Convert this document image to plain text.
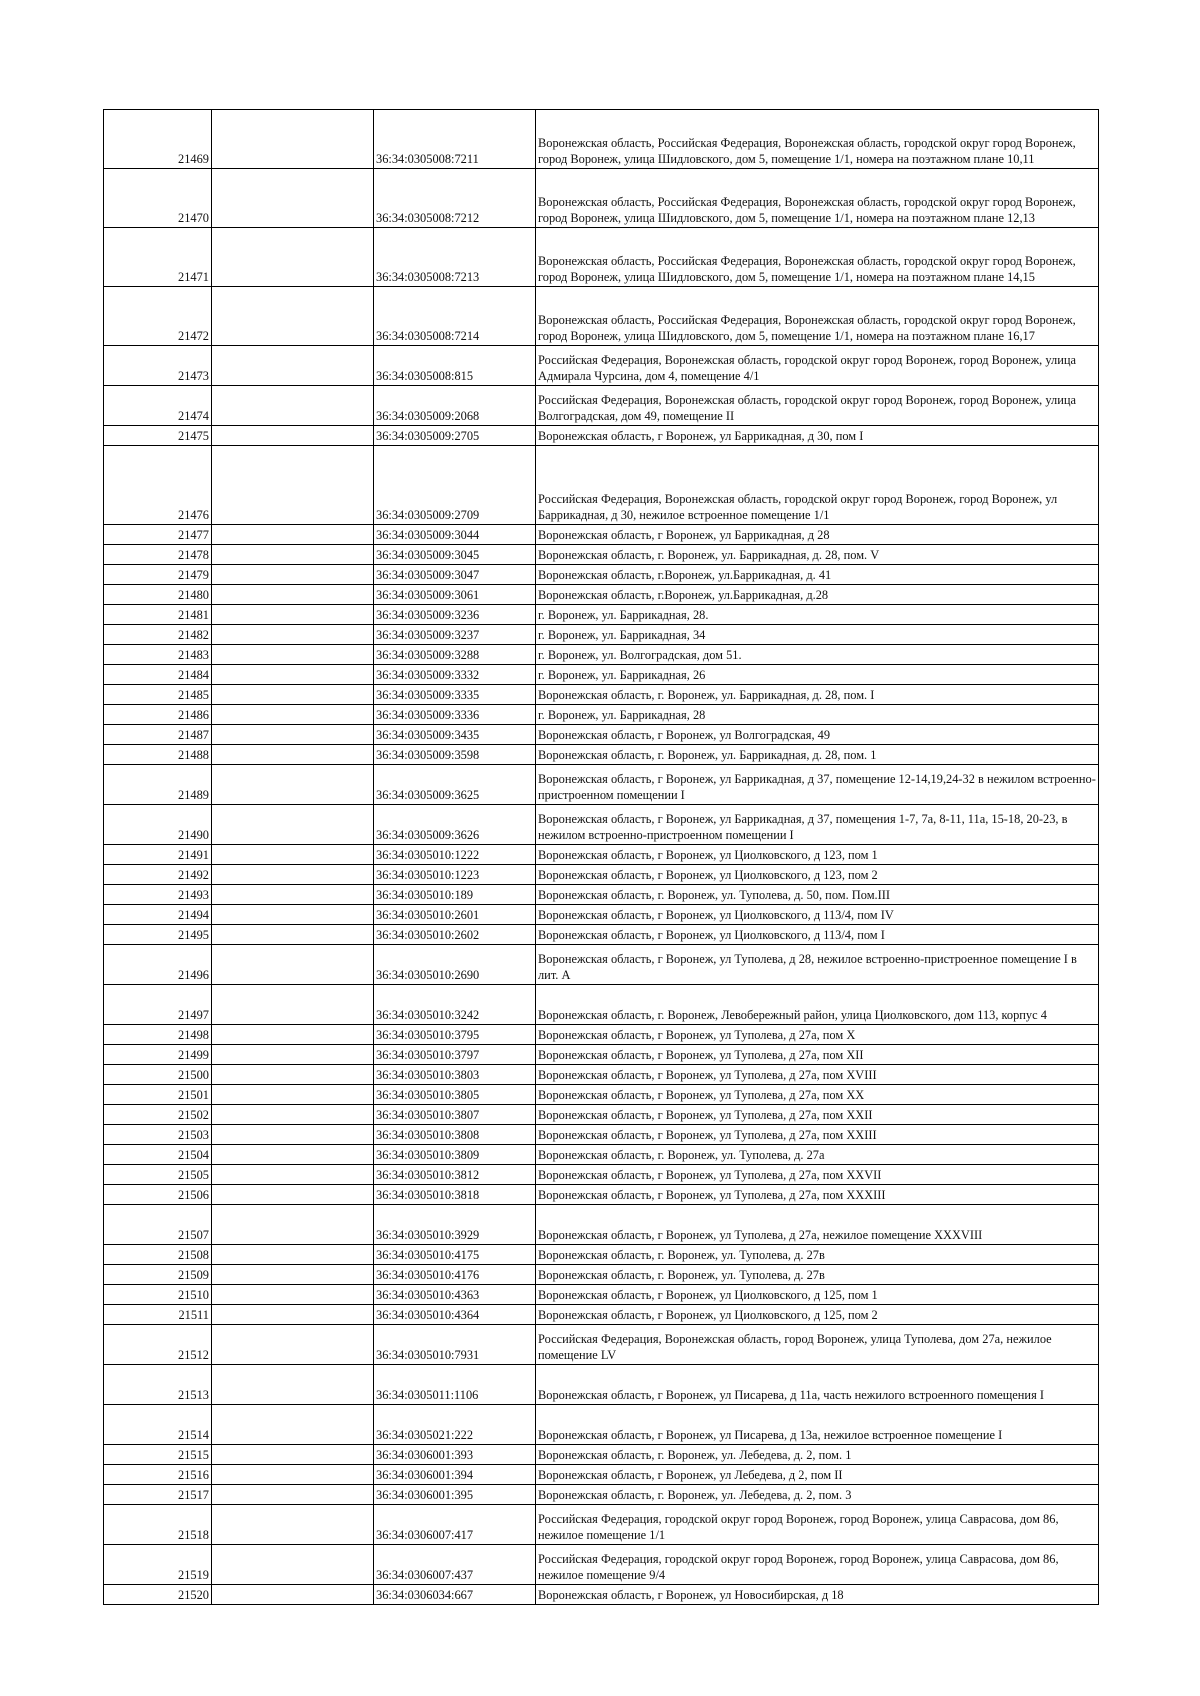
21469		36:34:0305008:7211	Воронежская область, Российская Федерация, Воронежская область, городской округ город Воронеж, город Воронеж, улица Шидловского, дом 5, помещение 1/1, номера на поэтажном плане 10,11
21470		36:34:0305008:7212	Воронежская область, Российская Федерация, Воронежская область, городской округ город Воронеж, город Воронеж, улица Шидловского, дом 5, помещение 1/1, номера на поэтажном плане 12,13
21471		36:34:0305008:7213	Воронежская область, Российская Федерация, Воронежская область, городской округ город Воронеж, город Воронеж, улица Шидловского, дом 5, помещение 1/1, номера на поэтажном плане 14,15
21472		36:34:0305008:7214	Воронежская область, Российская Федерация, Воронежская область, городской округ город Воронеж, город Воронеж, улица Шидловского, дом 5, помещение 1/1, номера на поэтажном плане 16,17
21473		36:34:0305008:815	Российская Федерация, Воронежская область, городской округ город Воронеж, город Воронеж, улица Адмирала Чурсина, дом 4, помещение 4/1
21474		36:34:0305009:2068	Российская Федерация, Воронежская область, городской округ город Воронеж, город Воронеж, улица Волгоградская, дом 49, помещение II
21475		36:34:0305009:2705	Воронежская область, г Воронеж, ул Баррикадная, д 30, пом I
21476		36:34:0305009:2709	Российская Федерация, Воронежская область, городской округ город Воронеж, город Воронеж, ул Баррикадная, д 30, нежилое встроенное помещение 1/1
21477		36:34:0305009:3044	Воронежская область, г Воронеж, ул Баррикадная, д 28
21478		36:34:0305009:3045	Воронежская область, г. Воронеж, ул. Баррикадная, д. 28, пом. V
21479		36:34:0305009:3047	Воронежская область, г.Воронеж, ул.Баррикадная, д. 41
21480		36:34:0305009:3061	Воронежская область, г.Воронеж, ул.Баррикадная, д.28
21481		36:34:0305009:3236	г. Воронеж, ул. Баррикадная, 28.
21482		36:34:0305009:3237	г. Воронеж, ул. Баррикадная, 34
21483		36:34:0305009:3288	г. Воронеж, ул. Волгоградская, дом 51.
21484		36:34:0305009:3332	г. Воронеж, ул. Баррикадная, 26
21485		36:34:0305009:3335	Воронежская область, г. Воронеж, ул. Баррикадная, д. 28, пом. I
21486		36:34:0305009:3336	г. Воронеж, ул. Баррикадная, 28
21487		36:34:0305009:3435	Воронежская область, г Воронеж, ул Волгоградская, 49
21488		36:34:0305009:3598	Воронежская область, г. Воронеж, ул. Баррикадная, д. 28, пом. 1
21489		36:34:0305009:3625	Воронежская область, г Воронеж, ул Баррикадная, д 37, помещение 12-14,19,24-32 в нежилом встроенно-пристроенном помещении I
21490		36:34:0305009:3626	Воронежская область, г Воронеж, ул Баррикадная, д 37, помещения 1-7, 7а, 8-11, 11а, 15-18, 20-23, в нежилом встроенно-пристроенном помещении I
21491		36:34:0305010:1222	Воронежская область, г Воронеж, ул Циолковского, д 123, пом 1
21492		36:34:0305010:1223	Воронежская область, г Воронеж, ул Циолковского, д 123, пом 2
21493		36:34:0305010:189	Воронежская область, г. Воронеж, ул. Туполева, д. 50, пом. Пом.III
21494		36:34:0305010:2601	Воронежская область, г Воронеж, ул Циолковского, д 113/4, пом IV
21495		36:34:0305010:2602	Воронежская область, г Воронеж, ул Циолковского, д 113/4, пом I
21496		36:34:0305010:2690	Воронежская область, г Воронеж, ул Туполева, д 28, нежилое встроенно-пристроенное помещение I в лит. А
21497		36:34:0305010:3242	Воронежская область, г. Воронеж, Левобережный район, улица Циолковского, дом 113, корпус 4
21498		36:34:0305010:3795	Воронежская область, г Воронеж, ул Туполева, д 27а, пом X
21499		36:34:0305010:3797	Воронежская область, г Воронеж, ул Туполева, д 27а, пом XII
21500		36:34:0305010:3803	Воронежская область, г Воронеж, ул Туполева, д 27а, пом XVIII
21501		36:34:0305010:3805	Воронежская область, г Воронеж, ул Туполева, д 27а, пом XX
21502		36:34:0305010:3807	Воронежская область, г Воронеж, ул Туполева, д 27а, пом XXII
21503		36:34:0305010:3808	Воронежская область, г Воронеж, ул Туполева, д 27а, пом XXIII
21504		36:34:0305010:3809	Воронежская область, г. Воронеж, ул. Туполева, д. 27а
21505		36:34:0305010:3812	Воронежская область, г Воронеж, ул Туполева, д 27а, пом XXVII
21506		36:34:0305010:3818	Воронежская область, г Воронеж, ул Туполева, д 27а, пом XXXIII
21507		36:34:0305010:3929	Воронежская область, г Воронеж, ул Туполева, д 27а, нежилое помещение XXXVIII
21508		36:34:0305010:4175	Воронежская область, г. Воронеж, ул. Туполева, д. 27в
21509		36:34:0305010:4176	Воронежская область, г. Воронеж, ул. Туполева, д. 27в
21510		36:34:0305010:4363	Воронежская область, г Воронеж, ул Циолковского, д 125, пом 1
21511		36:34:0305010:4364	Воронежская область, г Воронеж, ул Циолковского, д 125, пом 2
21512		36:34:0305010:7931	Российская Федерация, Воронежская область, город Воронеж, улица Туполева, дом 27а, нежилое помещение LV
21513		36:34:0305011:1106	Воронежская область, г Воронеж, ул Писарева, д 11а, часть нежилого встроенного помещения I
21514		36:34:0305021:222	Воронежская область, г Воронеж, ул Писарева, д 13а, нежилое встроенное помещение I
21515		36:34:0306001:393	Воронежская область, г. Воронеж, ул. Лебедева, д. 2, пом. 1
21516		36:34:0306001:394	Воронежская область, г Воронеж, ул Лебедева, д 2, пом II
21517		36:34:0306001:395	Воронежская область, г. Воронеж, ул. Лебедева, д. 2, пом. 3
21518		36:34:0306007:417	Российская Федерация, городской округ город Воронеж, город Воронеж, улица Саврасова, дом 86, нежилое помещение 1/1
21519		36:34:0306007:437	Российская Федерация, городской округ город Воронеж, город Воронеж, улица Саврасова, дом 86, нежилое помещение 9/4
21520		36:34:0306034:667	Воронежская область, г Воронеж, ул Новосибирская, д 18
